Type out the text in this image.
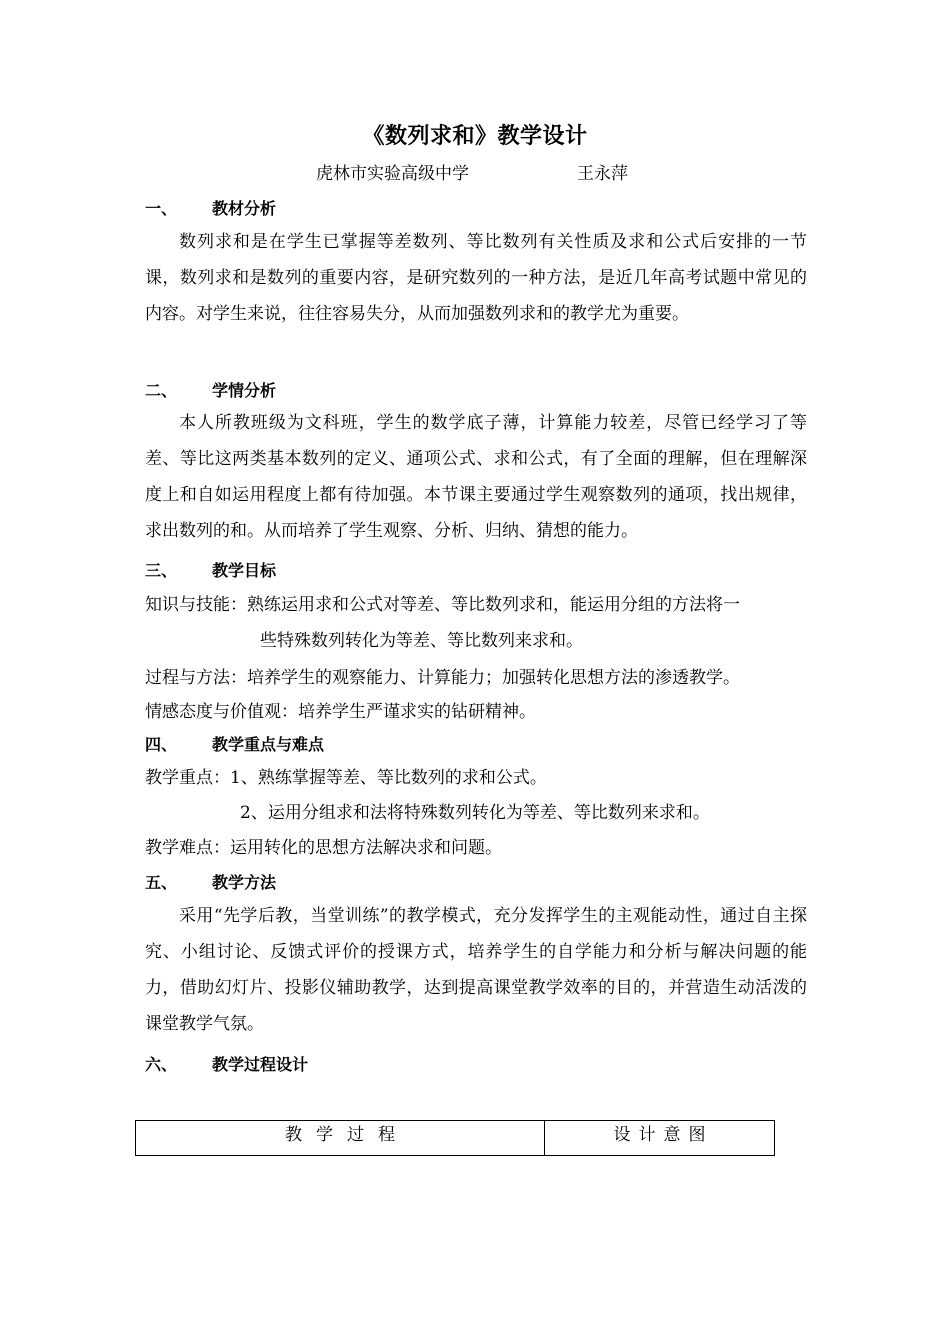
《数列求和》教学设计
虎林市实验高级中学	王永萍
一、 教材分析

数列求和是在学生已掌握等差数列、等比数列有关性质及求和公式后安排的一节课，数列求和是数列的重要内容，是研究数列的一种方法，是近几年高考试题中常见的内容。对学生来说，往往容易失分，从而加强数列求和的教学尤为重要。

二、 学情分析

本人所教班级为文科班，学生的数学底子薄，计算能力较差，尽管已经学习了等差、等比这两类基本数列的定义、通项公式、求和公式，有了全面的理解，但在理解深度上和自如运用程度上都有待加强。本节课主要通过学生观察数列的通项，找出规律，求出数列的和。从而培养了学生观察、分析、归纳、猜想的能力。

三、 教学目标

知识与技能：熟练运用求和公式对等差、等比数列求和，能运用分组的方法将一

些特殊数列转化为等差、等比数列来求和。

过程与方法：培养学生的观察能力、计算能力；加强转化思想方法的渗透教学。

情感态度与价值观：培养学生严谨求实的钻研精神。

四、 教学重点与难点

教学重点：1、熟练掌握等差、等比数列的求和公式。

2、运用分组求和法将特殊数列转化为等差、等比数列来求和。

教学难点：运用转化的思想方法解决求和问题。

五、 教学方法

采用“先学后教，当堂训练”的教学模式，充分发挥学生的主观能动性，通过自主探究、小组讨论、反馈式评价的授课方式，培养学生的自学能力和分析与解决问题的能力，借助幻灯片、投影仪辅助教学，达到提高课堂教学效率的目的，并营造生动活泼的课堂教学气氛。

六、 教学过程设计
教学过程	设计意图
